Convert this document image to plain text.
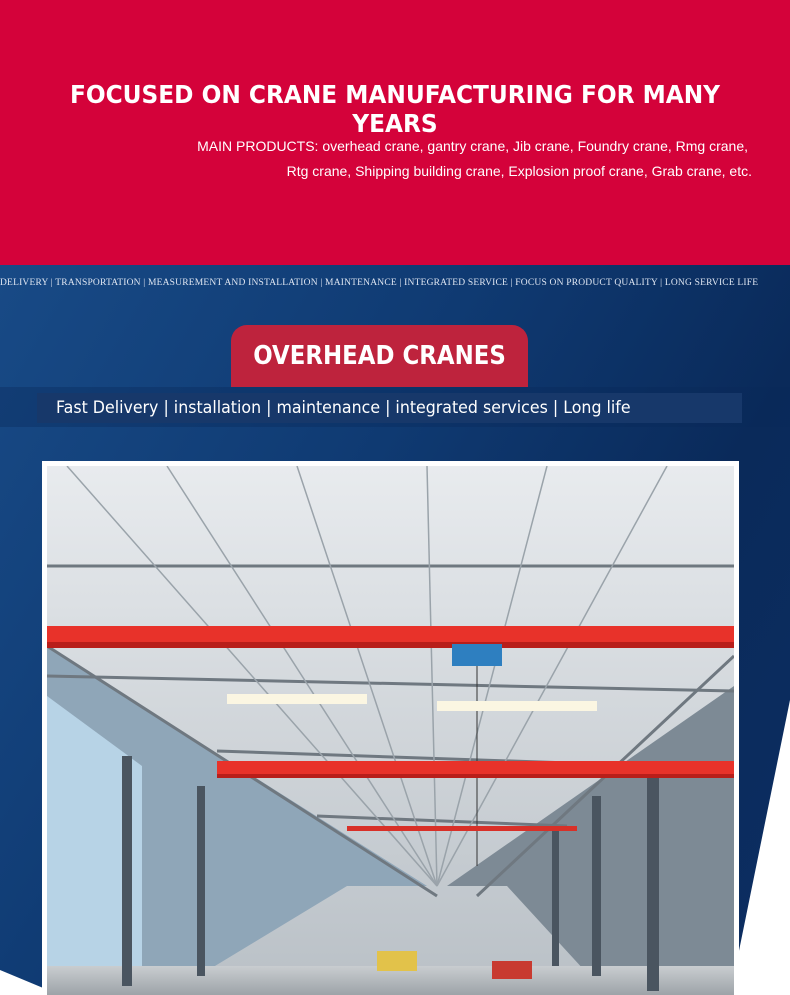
FOCUSED ON CRANE MANUFACTURING FOR MANY YEARS
MAIN PRODUCTS: overhead crane, gantry crane, Jib crane, Foundry crane, Rmg crane,
Rtg crane, Shipping building crane, Explosion proof crane, Grab crane, etc.
DELIVERY | TRANSPORTATION | MEASUREMENT AND INSTALLATION | MAINTENANCE | INTEGRATED SERVICE | FOCUS ON PRODUCT QUALITY | LONG SERVICE LIFE
OVERHEAD CRANES
Fast Delivery | installation | maintenance | integrated services | Long life
